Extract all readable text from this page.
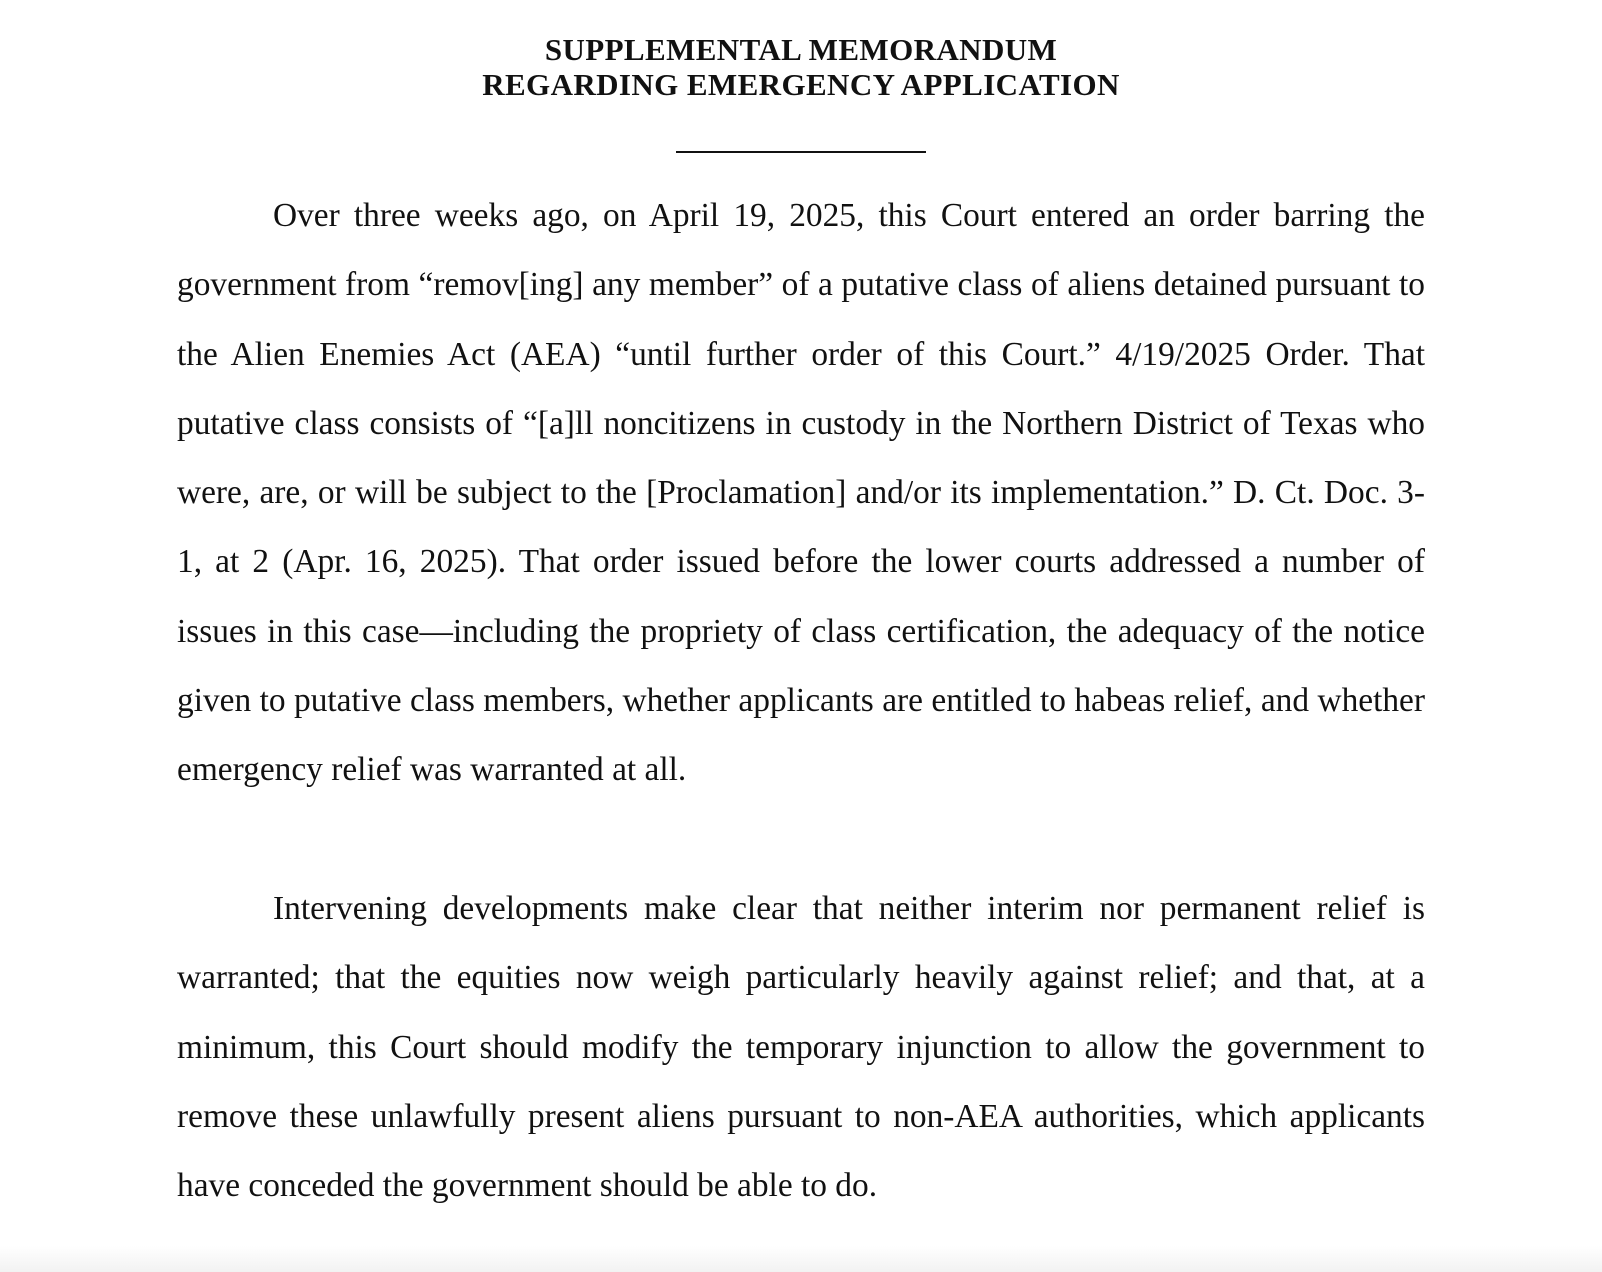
SUPPLEMENTAL MEMORANDUM
REGARDING EMERGENCY APPLICATION

Over three weeks ago, on April 19, 2025, this Court entered an order barring the government from “remov[ing] any member” of a putative class of aliens detained pursuant to the Alien Enemies Act (AEA) “until further order of this Court.” 4/19/2025 Order. That putative class consists of “[a]ll noncitizens in custody in the Northern District of Texas who were, are, or will be subject to the [Proclamation] and/or its implementation.” D. Ct. Doc. 3-1, at 2 (Apr. 16, 2025). That order issued before the lower courts addressed a number of issues in this case—including the propriety of class certification, the adequacy of the notice given to putative class members, whether applicants are entitled to habeas relief, and whether emergency relief was warranted at all.

Intervening developments make clear that neither interim nor permanent relief is warranted; that the equities now weigh particularly heavily against relief; and that, at a minimum, this Court should modify the temporary injunction to allow the government to remove these unlawfully present aliens pursuant to non-AEA authorities, which applicants have conceded the government should be able to do.
